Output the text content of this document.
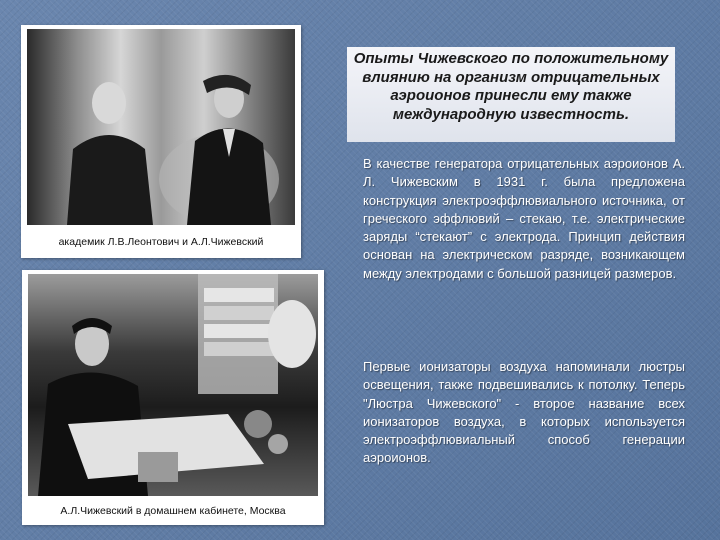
академик Л.В.Леонтович и А.Л.Чижевский
А.Л.Чижевский в домашнем кабинете, Москва
Опыты Чижевского по положительному влиянию на организм отрицательных аэроионов принесли ему также международную известность.
В качестве генератора отрицательных аэроионов А. Л. Чижевским в 1931 г. была предложена конструкция электроэффлювиального источника, от греческого эффлювий – стекаю, т.е. электрические заряды “стекают” с электрода. Принцип действия основан на электрическом разряде, возникающем между электродами с большой разницей размеров.
Первые ионизаторы воздуха напоминали люстры освещения, также подвешивались к потолку. Теперь "Люстра Чижевского" - второе название всех ионизаторов воздуха, в которых используется электроэффлювиальный способ генерации аэроионов.
